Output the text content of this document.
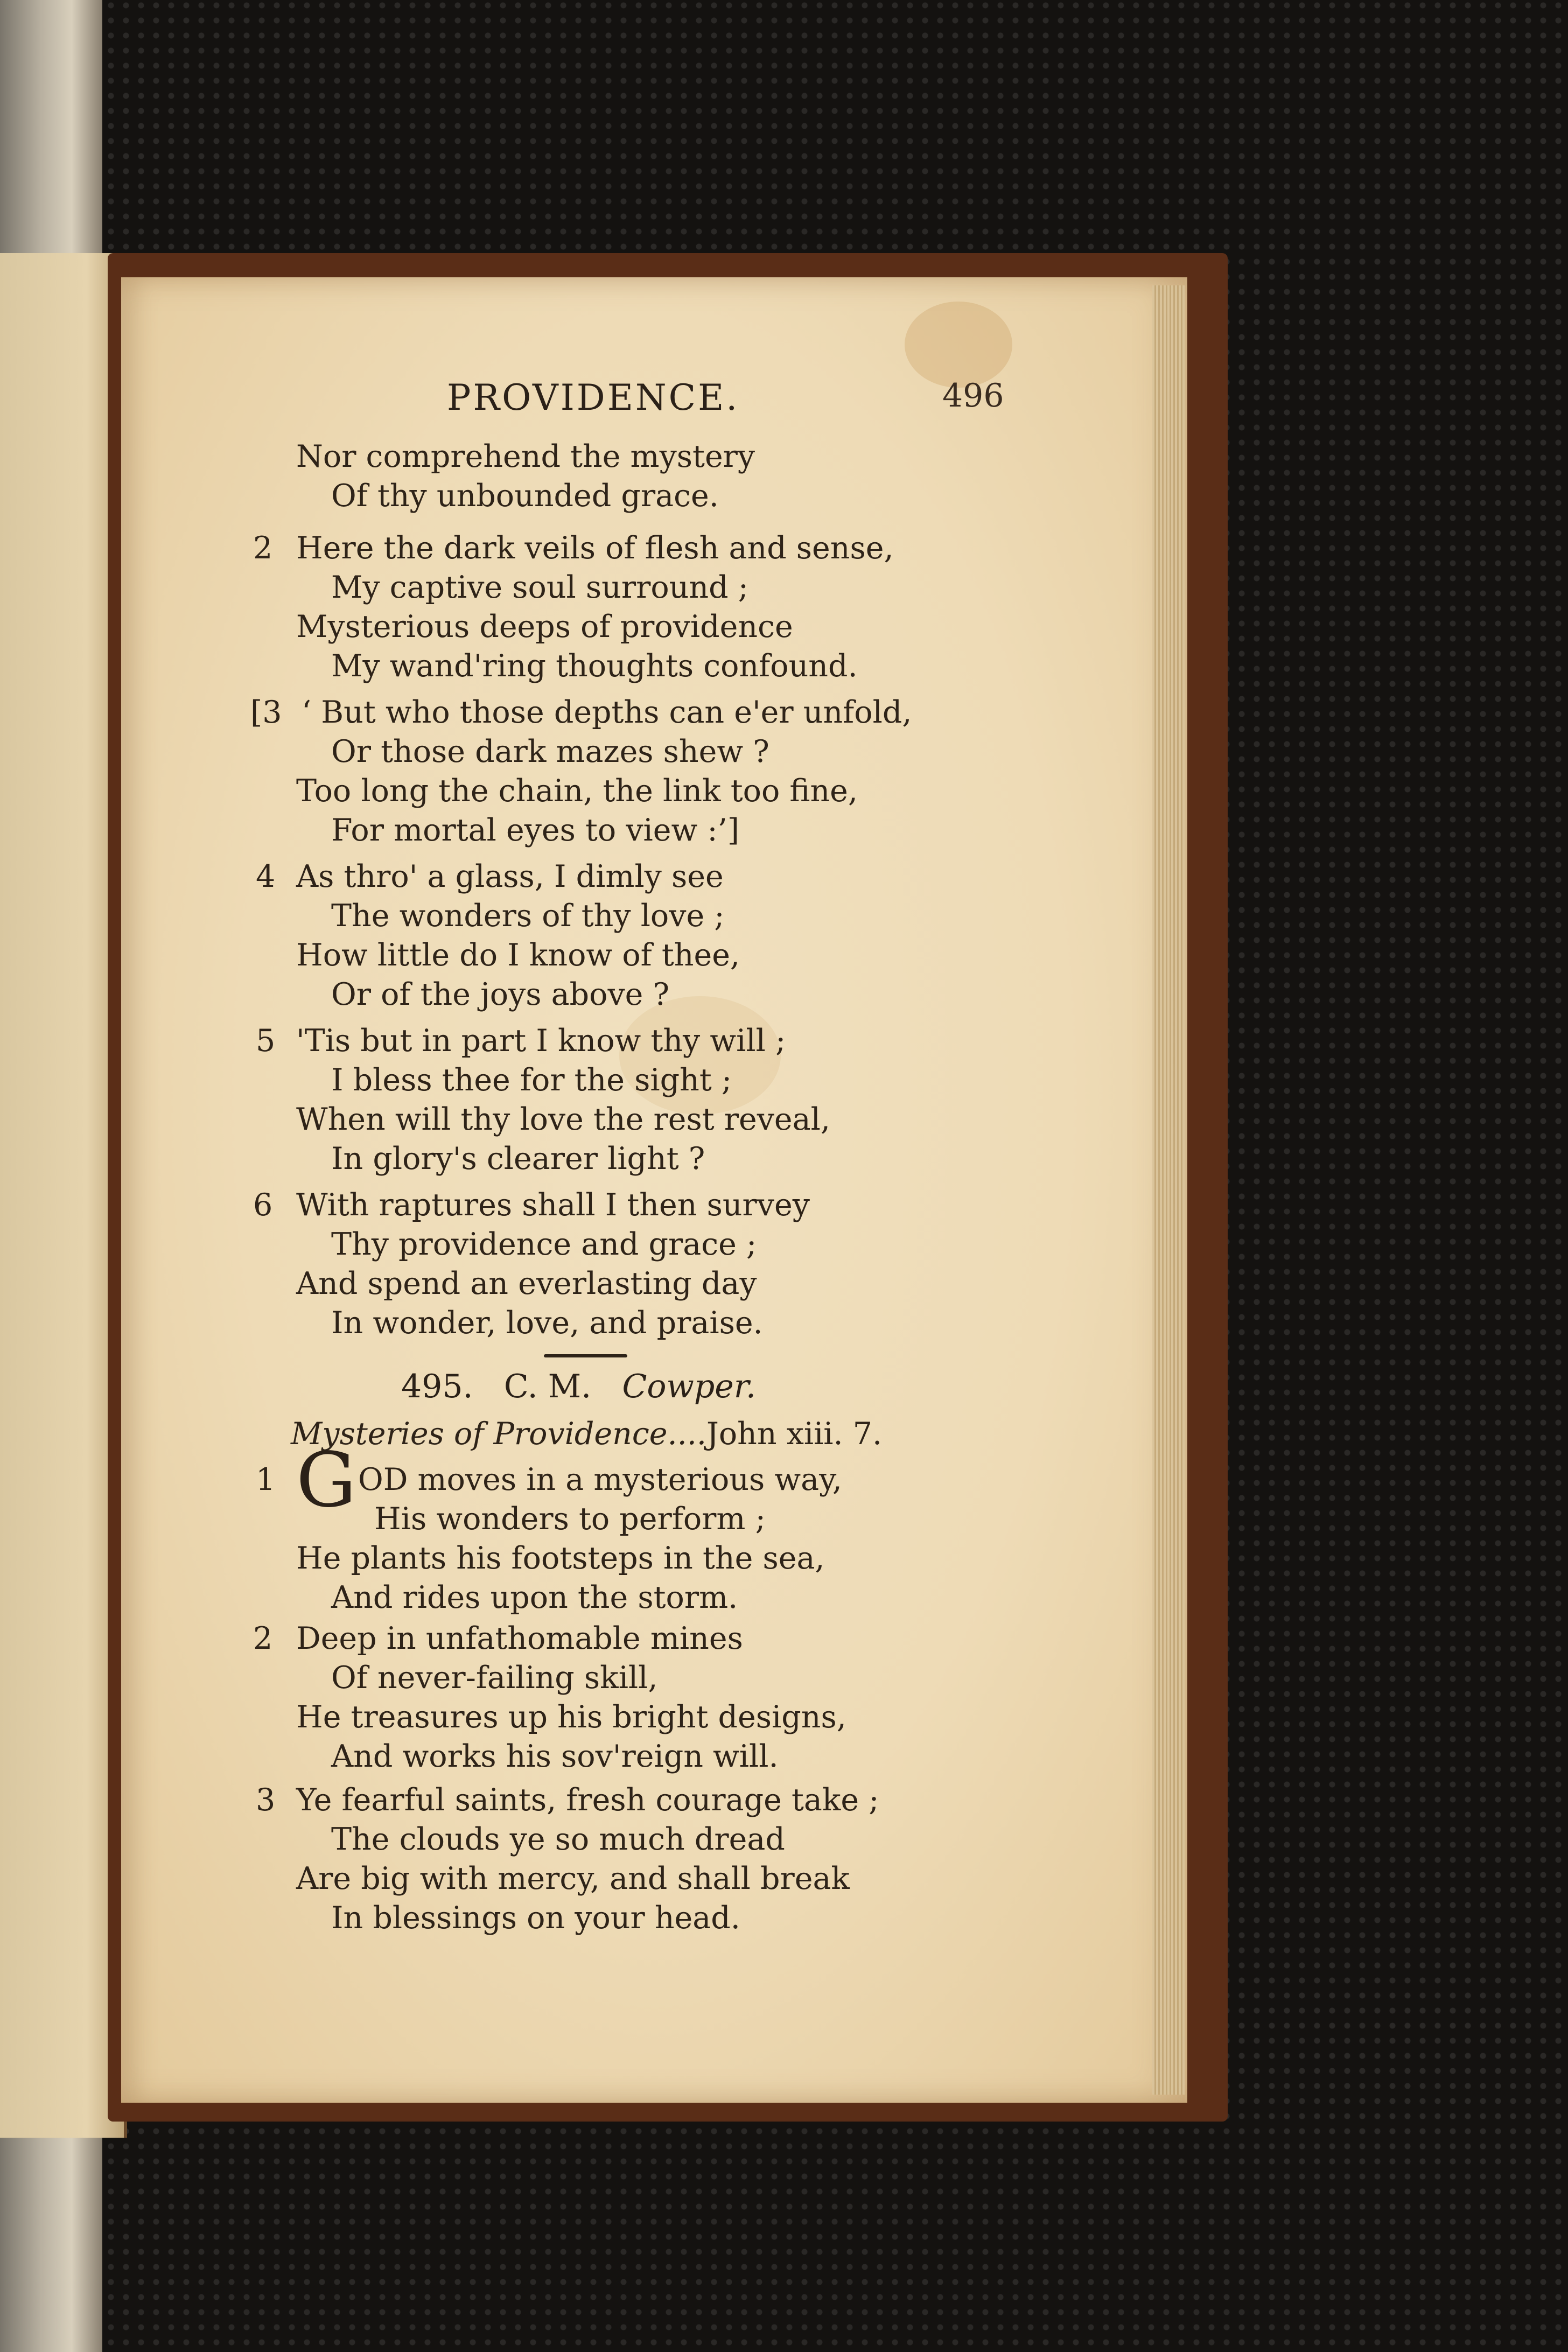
PROVIDENCE.	496
Nor comprehend the mystery
Of thy unbounded grace.
2 Here the dark veils of flesh and sense,
My captive soul surround ;
Mysterious deeps of providence
My wand'ring thoughts confound.
[3 ‘ But who those depths can e'er unfold,
Or those dark mazes shew ?
Too long the chain, the link too fine,
For mortal eyes to view :’]
4 As thro' a glass, I dimly see
The wonders of thy love ;
How little do I know of thee,
Or of the joys above ?
5 'Tis but in part I know thy will ;
I bless thee for the sight ;
When will thy love the rest reveal,
In glory's clearer light ?
6 With raptures shall I then survey
Thy providence and grace ;
And spend an everlasting day
In wonder, love, and praise.
495. C. M. Cowper.
Mysteries of Providence....John xiii. 7.
1 G OD moves in a mysterious way,
His wonders to perform ;
He plants his footsteps in the sea,
And rides upon the storm.
2 Deep in unfathomable mines
Of never-failing skill,
He treasures up his bright designs,
And works his sov'reign will.
3 Ye fearful saints, fresh courage take ;
The clouds ye so much dread
Are big with mercy, and shall break
In blessings on your head.
